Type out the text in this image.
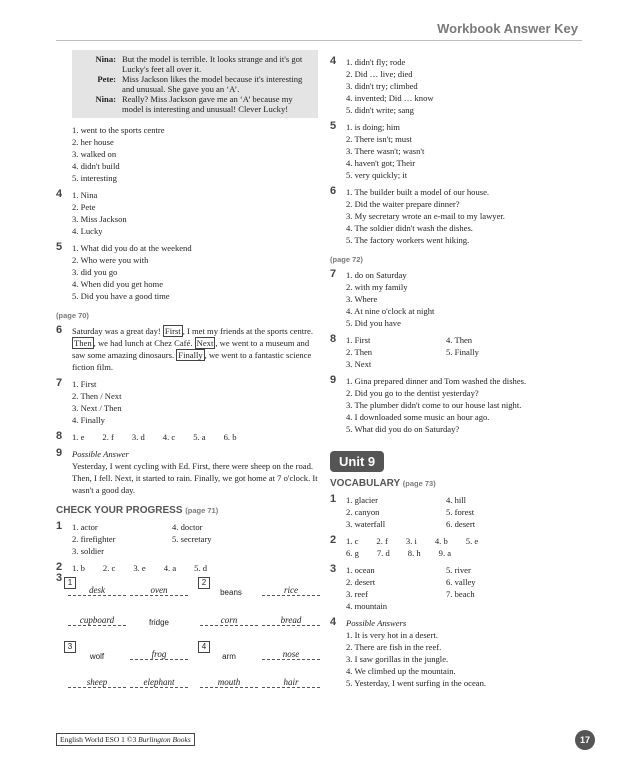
Workbook Answer Key
Nina: But the model is terrible. It looks strange and it's got Lucky's feet all over it.
Pete: Miss Jackson likes the model because it's interesting and unusual. She gave you an ‘A’.
Nina: Really? Miss Jackson gave me an ‘A’ because my model is interesting and unusual! Clever Lucky!
1. went to the sports centre
2. her house
3. walked on
4. didn't build
5. interesting
4	1. Nina
2. Pete
3. Miss Jackson
4. Lucky
5	1. What did you do at the weekend
2. Who were you with
3. did you go
4. When did you get home
5. Did you have a good time
(page 70)
6	Saturday was a great day! First , I met my friends at the sports centre. Then , we had lunch at Chez Café. Next , we went to a museum and saw some amazing dinosaurs. Finally , we went to a fantastic science fiction film.
7	1. First
2. Then / Next
3. Next / Then
4. Finally
8	1. e 2. f 3. d 4. c 5. a 6. b
9	Possible Answer
Yesterday, I went cycling with Ed. First, there were sheep on the road. Then, I fell. Next, it started to rain. Finally, we got home at 7 o'clock. It wasn't a good day.
CHECK YOUR PROGRESS (page 71)
1	1. actor
2. firefighter
3. soldier
4. doctor
5. secretary
2	1. b 2. c 3. e 4. a 5. d
3 1	2
3	4
desk	oven	beans	rice
cupboard	fridge	corn	bread
wolf	frog	arm	nose
sheep	elephant	mouth	hair
4	1. didn't fly; rode
2. Did … live; died
3. didn't try; climbed
4. invented; Did … know
5. didn't write; sang
5	1. is doing; him
2. There isn't; must
3. There wasn't; wasn't
4. haven't got; Their
5. very quickly; it
6	1. The builder built a model of our house.
2. Did the waiter prepare dinner?
3. My secretary wrote an e-mail to my lawyer.
4. The soldier didn't wash the dishes.
5. The factory workers went hiking.
(page 72)
7	1. do on Saturday
2. with my family
3. Where
4. At nine o'clock at night
5. Did you have
8	1. First
2. Then
3. Next
4. Then
5. Finally
9	1. Gina prepared dinner and Tom washed the dishes.
2. Did you go to the dentist yesterday?
3. The plumber didn't come to our house last night.
4. I downloaded some music an hour ago.
5. What did you do on Saturday?
Unit 9
VOCABULARY (page 73)
1	1. glacier
2. canyon
3. waterfall
4. hill
5. forest
6. desert
2	1. c 2. f 3. i 4. b 5. e
6. g 7. d 8. h 9. a
3	1. ocean
2. desert
3. reef
4. mountain
5. river
6. valley
7. beach
4	Possible Answers
1. It is very hot in a desert.
2. There are fish in the reef.
3. I saw gorillas in the jungle.
4. We climbed up the mountain.
5. Yesterday, I went surfing in the ocean.
English World ESO 1 ©3 Burlington Books	17
